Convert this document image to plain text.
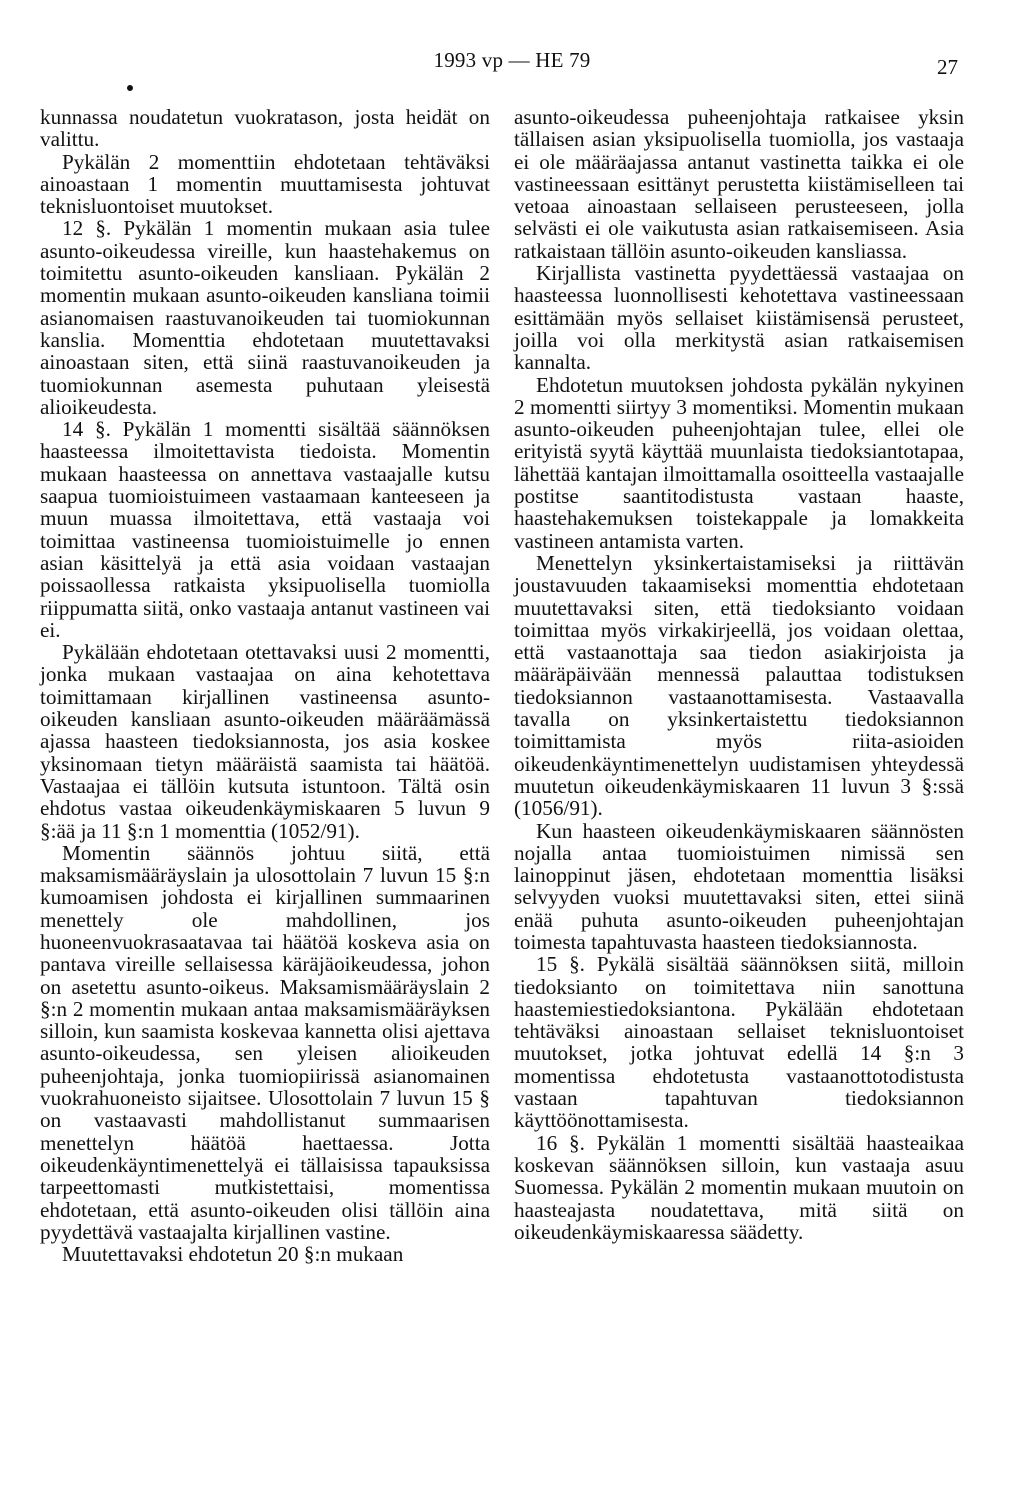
1993 vp — HE 79	27

kunnassa noudatetun vuokratason, josta heidät on valittu.

Pykälän 2 momenttiin ehdotetaan tehtäväksi ainoastaan 1 momentin muuttamisesta johtuvat teknisluontoiset muutokset.

12 §. Pykälän 1 momentin mukaan asia tulee asunto-oikeudessa vireille, kun haastehakemus on toimitettu asunto-oikeuden kansliaan. Pykälän 2 momentin mukaan asunto-oikeuden kansliana toimii asianomaisen raastuvanoikeuden tai tuomiokunnan kanslia. Momenttia ehdotetaan muutettavaksi ainoastaan siten, että siinä raastuvanoikeuden ja tuomiokunnan asemesta puhutaan yleisestä alioikeudesta.

14 §. Pykälän 1 momentti sisältää säännöksen haasteessa ilmoitettavista tiedoista. Momentin mukaan haasteessa on annettava vastaajalle kutsu saapua tuomioistuimeen vastaamaan kanteeseen ja muun muassa ilmoitettava, että vastaaja voi toimittaa vastineensa tuomioistuimelle jo ennen asian käsittelyä ja että asia voidaan vastaajan poissaollessa ratkaista yksipuolisella tuomiolla riippumatta siitä, onko vastaaja antanut vastineen vai ei.

Pykälään ehdotetaan otettavaksi uusi 2 momentti, jonka mukaan vastaajaa on aina kehotettava toimittamaan kirjallinen vastineensa asunto-oikeuden kansliaan asunto-oikeuden määräämässä ajassa haasteen tiedoksiannosta, jos asia koskee yksinomaan tietyn määräistä saamista tai häätöä. Vastaajaa ei tällöin kutsuta istuntoon. Tältä osin ehdotus vastaa oikeudenkäymiskaaren 5 luvun 9 §:ää ja 11 §:n 1 momenttia (1052/91).

Momentin säännös johtuu siitä, että maksamismääräyslain ja ulosottolain 7 luvun 15 §:n kumoamisen johdosta ei kirjallinen summaarinen menettely ole mahdollinen, jos huoneenvuokrasaatavaa tai häätöä koskeva asia on pantava vireille sellaisessa käräjäoikeudessa, johon on asetettu asunto-oikeus. Maksamismääräyslain 2 §:n 2 momentin mukaan antaa maksamismääräyksen silloin, kun saamista koskevaa kannetta olisi ajettava asunto-oikeudessa, sen yleisen alioikeuden puheenjohtaja, jonka tuomiopiirissä asianomainen vuokrahuoneisto sijaitsee. Ulosottolain 7 luvun 15 § on vastaavasti mahdollistanut summaarisen menettelyn häätöä haettaessa. Jotta oikeudenkäyntimenettelyä ei tällaisissa tapauksissa tarpeettomasti mutkistettaisi, momentissa ehdotetaan, että asunto-oikeuden olisi tällöin aina pyydettävä vastaajalta kirjallinen vastine.

Muutettavaksi ehdotetun 20 §:n mukaan

asunto-oikeudessa puheenjohtaja ratkaisee yksin tällaisen asian yksipuolisella tuomiolla, jos vastaaja ei ole määräajassa antanut vastinetta taikka ei ole vastineessaan esittänyt perustetta kiistämiselleen tai vetoaa ainoastaan sellaiseen perusteeseen, jolla selvästi ei ole vaikutusta asian ratkaisemiseen. Asia ratkaistaan tällöin asunto-oikeuden kansliassa.

Kirjallista vastinetta pyydettäessä vastaajaa on haasteessa luonnollisesti kehotettava vastineessaan esittämään myös sellaiset kiistämisensä perusteet, joilla voi olla merkitystä asian ratkaisemisen kannalta.

Ehdotetun muutoksen johdosta pykälän nykyinen 2 momentti siirtyy 3 momentiksi. Momentin mukaan asunto-oikeuden puheenjohtajan tulee, ellei ole erityistä syytä käyttää muunlaista tiedoksiantotapaa, lähettää kantajan ilmoittamalla osoitteella vastaajalle postitse saantitodistusta vastaan haaste, haastehakemuksen toistekappale ja lomakkeita vastineen antamista varten.

Menettelyn yksinkertaistamiseksi ja riittävän joustavuuden takaamiseksi momenttia ehdotetaan muutettavaksi siten, että tiedoksianto voidaan toimittaa myös virkakirjeellä, jos voidaan olettaa, että vastaanottaja saa tiedon asiakirjoista ja määräpäivään mennessä palauttaa todistuksen tiedoksiannon vastaanottamisesta. Vastaavalla tavalla on yksinkertaistettu tiedoksiannon toimittamista myös riita-asioiden oikeudenkäyntimenettelyn uudistamisen yhteydessä muutetun oikeudenkäymiskaaren 11 luvun 3 §:ssä (1056/91).

Kun haasteen oikeudenkäymiskaaren säännösten nojalla antaa tuomioistuimen nimissä sen lainoppinut jäsen, ehdotetaan momenttia lisäksi selvyyden vuoksi muutettavaksi siten, ettei siinä enää puhuta asunto-oikeuden puheenjohtajan toimesta tapahtuvasta haasteen tiedoksiannosta.

15 §. Pykälä sisältää säännöksen siitä, milloin tiedoksianto on toimitettava niin sanottuna haastemiestiedoksiantona. Pykälään ehdotetaan tehtäväksi ainoastaan sellaiset teknisluontoiset muutokset, jotka johtuvat edellä 14 §:n 3 momentissa ehdotetusta vastaanottotodistusta vastaan tapahtuvan tiedoksiannon käyttöönottamisesta.

16 §. Pykälän 1 momentti sisältää haasteaikaa koskevan säännöksen silloin, kun vastaaja asuu Suomessa. Pykälän 2 momentin mukaan muutoin on haasteajasta noudatettava, mitä siitä on oikeudenkäymiskaaressa säädetty.
